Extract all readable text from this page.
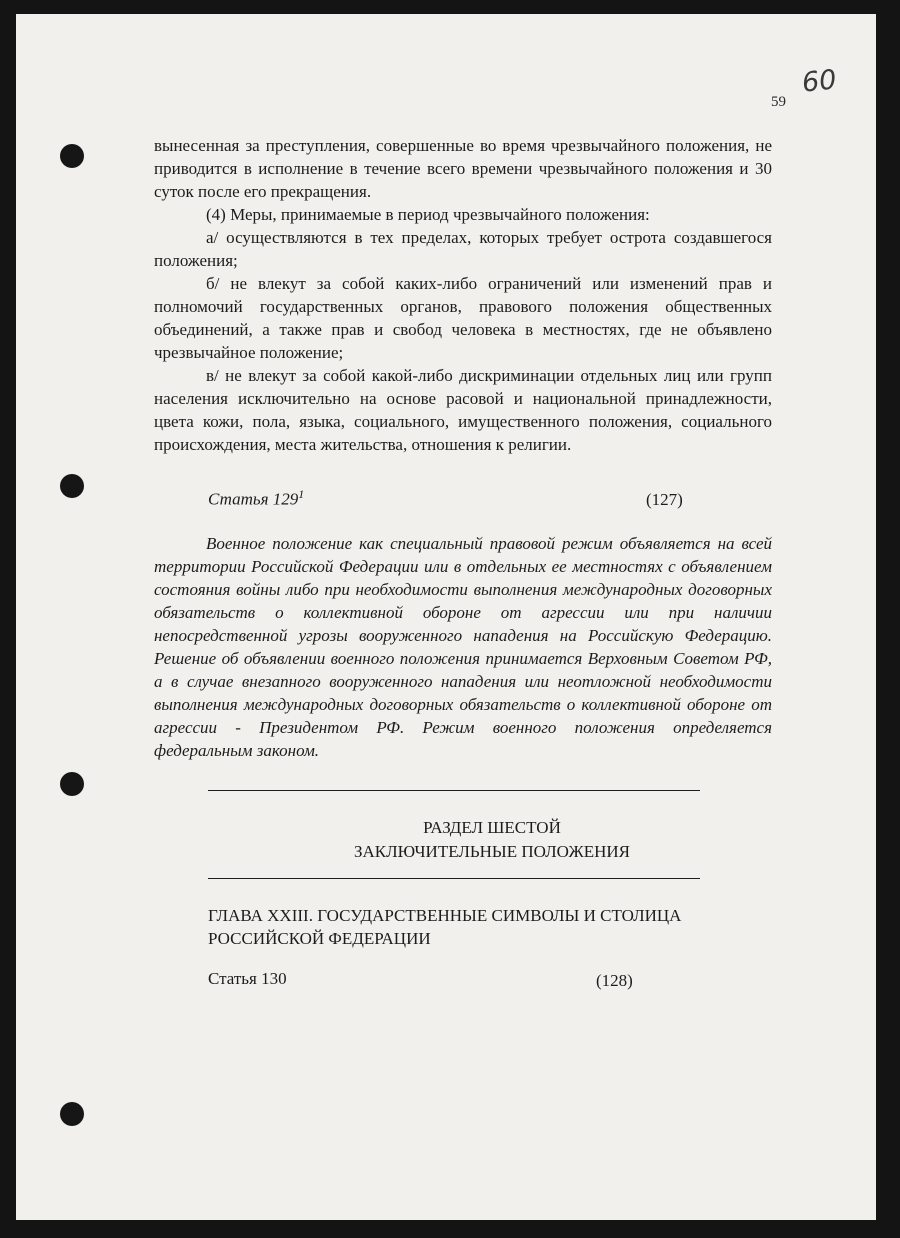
59
60

вынесенная за преступления, совершенные во время чрезвычайного положения, не приводится в исполнение в течение всего времени чрезвычайного положения и 30 суток после его прекращения.

(4) Меры, принимаемые в период чрезвычайного положения:

а/ осуществляются в тех пределах, которых требует острота создавшегося положения;

б/ не влекут за собой каких-либо ограничений или изменений прав и полномочий государственных органов, правового положения общественных объединений, а также прав и свобод человека в местностях, где не объявлено чрезвычайное положение;

в/ не влекут за собой какой-либо дискриминации отдельных лиц или групп населения исключительно на основе расовой и национальной принадлежности, цвета кожи, пола, языка, социального, имущественного положения, социального происхождения, места жительства, отношения к религии.

Статья $129^1$	(127)

Военное положение как специальный правовой режим объявляется на всей территории Российской Федерации или в отдельных ее местностях с объявлением состояния войны либо при необходимости выполнения международных договорных обязательств о коллективной обороне от агрессии или при наличии непосредственной угрозы вооруженного нападения на Российскую Федерацию. Решение об объявлении военного положения принимается Верховным Советом РФ, а в случае внезапного вооруженного нападения или неотложной необходимости выполнения международных договорных обязательств о коллективной обороне от агрессии - Президентом РФ. Режим военного положения определяется федеральным законом.

РАЗДЕЛ ШЕСТОЙ
ЗАКЛЮЧИТЕЛЬНЫЕ ПОЛОЖЕНИЯ
ГЛАВА XXIII. ГОСУДАРСТВЕННЫЕ СИМВОЛЫ И СТОЛИЦА РОССИЙСКОЙ ФЕДЕРАЦИИ
Статья 130	(128)
